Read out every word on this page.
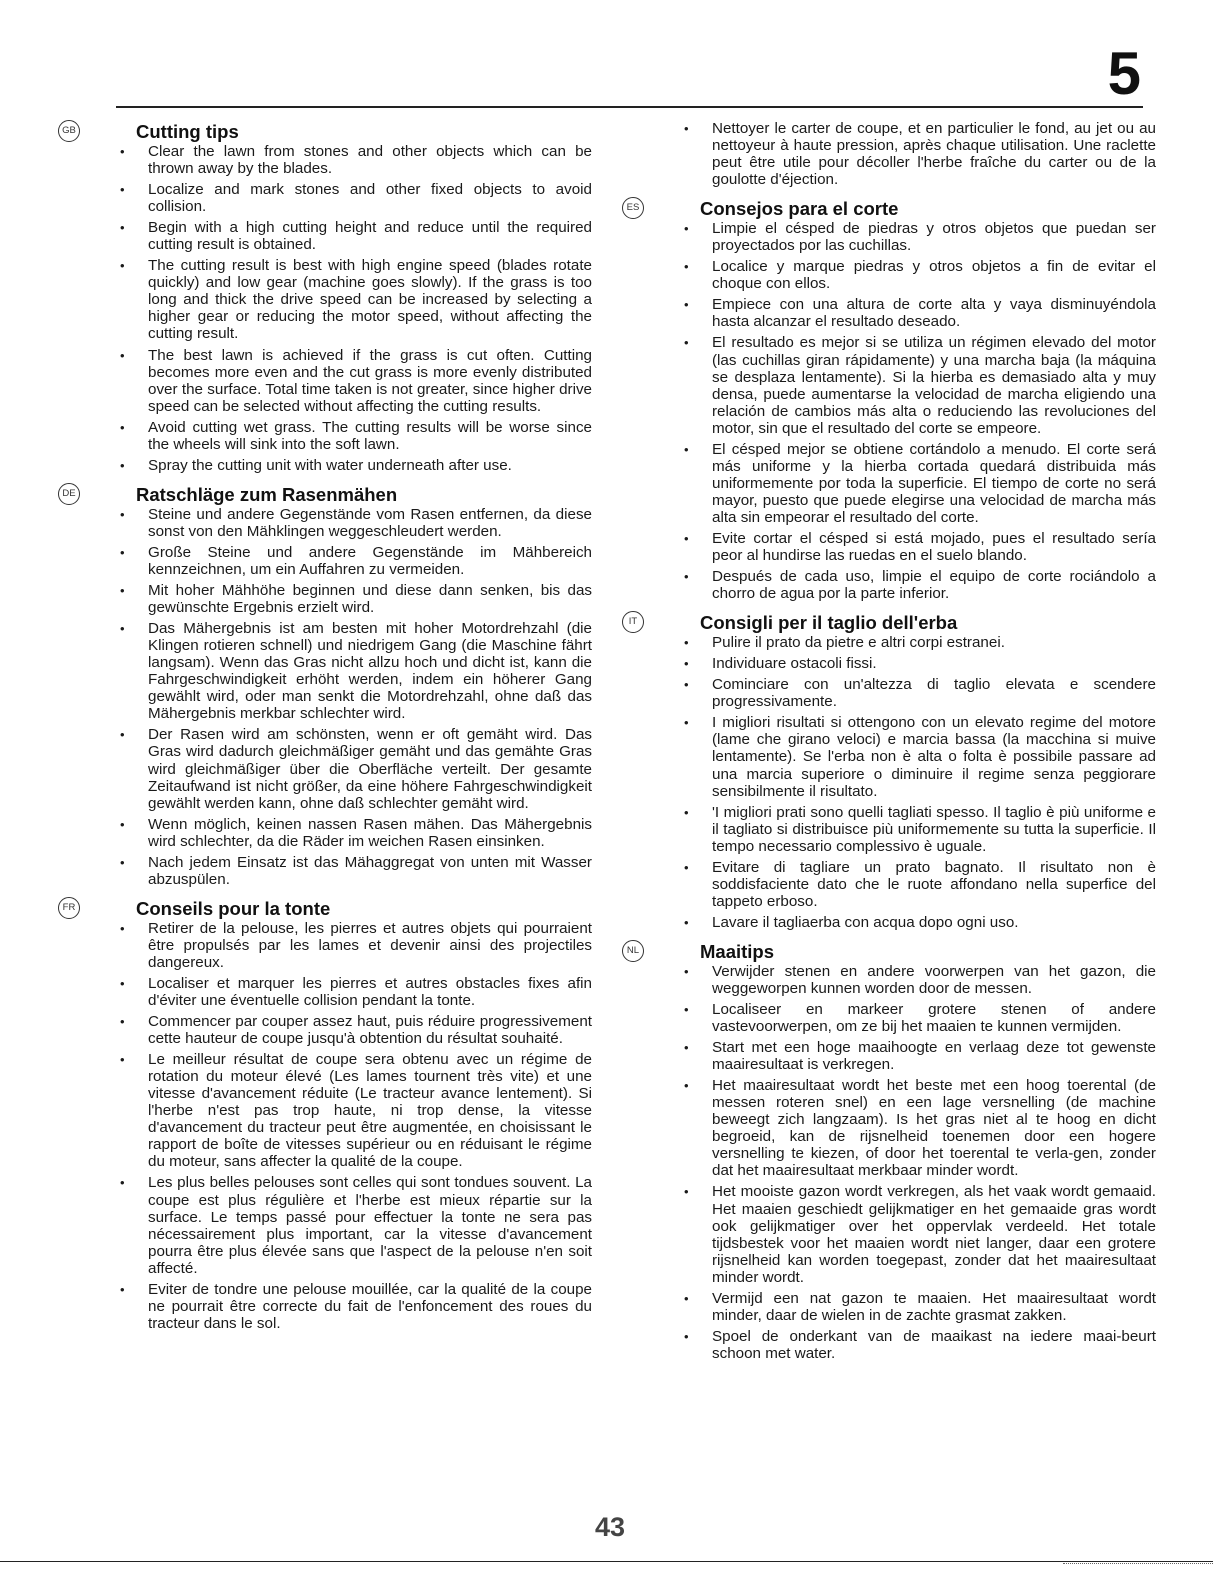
5
GB	Cutting tips
• Clear the lawn from stones and other objects which can be thrown away by the blades.
• Localize and mark stones and other fixed objects to avoid collision.
• Begin with a high cutting height and reduce until the required cutting result is obtained.
• The cutting result is best with high engine speed (blades rotate quickly) and low gear (machine goes slowly). If the grass is too long and thick the drive speed can be increased by selecting a higher gear or reducing the motor speed, without affecting the cutting result.
• The best lawn is achieved if the grass is cut often. Cutting becomes more even and the cut grass is more evenly distributed over the surface. Total time taken is not greater, since higher drive speed can be selected without affecting the cutting results.
• Avoid cutting wet grass. The cutting results will be worse since the wheels will sink into the soft lawn.
• Spray the cutting unit with water underneath after use.
DE	Ratschläge zum Rasenmähen
• Steine und andere Gegenstände vom Rasen entfernen, da diese sonst von den Mähklingen weggeschleudert werden.
• Große Steine und andere Gegenstände im Mähbereich kennzeichnen, um ein Auffahren zu vermeiden.
• Mit hoher Mähhöhe beginnen und diese dann senken, bis das gewünschte Ergebnis erzielt wird.
• Das Mähergebnis ist am besten mit hoher Motordrehzahl (die Klingen rotieren schnell) und niedrigem Gang (die Maschine fährt langsam). Wenn das Gras nicht allzu hoch und dicht ist, kann die Fahrgeschwindigkeit erhöht werden, indem ein höherer Gang gewählt wird, oder man senkt die Motordrehzahl, ohne daß das Mähergebnis merkbar schlechter wird.
• Der Rasen wird am schönsten, wenn er oft gemäht wird. Das Gras wird dadurch gleichmäßiger gemäht und das gemähte Gras wird gleichmäßiger über die Oberfläche verteilt. Der gesamte Zeitaufwand ist nicht größer, da eine höhere Fahrgeschwindigkeit gewählt werden kann, ohne daß schlechter gemäht wird.
• Wenn möglich, keinen nassen Rasen mähen. Das Mähergebnis wird schlechter, da die Räder im weichen Rasen einsinken.
• Nach jedem Einsatz ist das Mähaggregat von unten mit Wasser abzuspülen.
FR	Conseils pour la tonte
• Retirer de la pelouse, les pierres et autres objets qui pourraient être propulsés par les lames et devenir ainsi des projectiles dangereux.
• Localiser et marquer les pierres et autres obstacles fixes afin d'éviter une éventuelle collision pendant la tonte.
• Commencer par couper assez haut, puis réduire progressivement cette hauteur de coupe jusqu'à obtention du résultat souhaité.
• Le meilleur résultat de coupe sera obtenu avec un régime de rotation du moteur élevé (Les lames tournent très vite) et une vitesse d'avancement réduite (Le tracteur avance lentement). Si l'herbe n'est pas trop haute, ni trop dense, la vitesse d'avancement du tracteur peut être augmentée, en choisissant le rapport de boîte de vitesses supérieur ou en réduisant le régime du moteur, sans affecter la qualité de la coupe.
• Les plus belles pelouses sont celles qui sont tondues souvent. La coupe est plus régulière et l'herbe est mieux répartie sur la surface. Le temps passé pour effectuer la tonte ne sera pas nécessairement plus important, car la vitesse d'avancement pourra être plus élevée sans que l'aspect de la pelouse n'en soit affecté.
• Eviter de tondre une pelouse mouillée, car la qualité de la coupe ne pourrait être correcte du fait de l'enfoncement des roues du tracteur dans le sol.
• Nettoyer le carter de coupe, et en particulier le fond, au jet ou au nettoyeur à haute pression, après chaque utilisation. Une raclette peut être utile pour décoller l'herbe fraîche du carter ou de la goulotte d'éjection.
ES	Consejos para el corte
• Limpie el césped de piedras y otros objetos que puedan ser proyectados por las cuchillas.
• Localice y marque piedras y otros objetos a fin de evitar el choque con ellos.
• Empiece con una altura de corte alta y vaya disminuyéndola hasta alcanzar el resultado deseado.
• El resultado es mejor si se utiliza un régimen elevado del motor (las cuchillas giran rápidamente) y una marcha baja (la máquina se desplaza lentamente). Si la hierba es demasiado alta y muy densa, puede aumentarse la velocidad de marcha eligiendo una relación de cambios más alta o reduciendo las revoluciones del motor, sin que el resultado del corte se empeore.
• El césped mejor se obtiene cortándolo a menudo. El corte será más uniforme y la hierba cortada quedará distribuida más uniformemente por toda la superficie. El tiempo de corte no será mayor, puesto que puede elegirse una velocidad de marcha más alta sin empeorar el resultado del corte.
• Evite cortar el césped si está mojado, pues el resultado sería peor al hundirse las ruedas en el suelo blando.
• Después de cada uso, limpie el equipo de corte rociándolo a chorro de agua por la parte inferior.
IT	Consigli per il taglio dell'erba
• Pulire il prato da pietre e altri corpi estranei.
• Individuare ostacoli fissi.
• Cominciare con un'altezza di taglio elevata e scendere progressivamente.
• I migliori risultati si ottengono con un elevato regime del motore (lame che girano veloci) e marcia bassa (la macchina si muive lentamente). Se l'erba non è alta o folta è possibile passare ad una marcia superiore o diminuire il regime senza peggiorare sensibilmente il risultato.
• 'I migliori prati sono quelli tagliati spesso. Il taglio è più uniforme e il tagliato si distribuisce più uniformemente su tutta la superficie. Il tempo necessario complessivo è uguale.
• Evitare di tagliare un prato bagnato. Il risultato non è soddisfaciente dato che le ruote affondano nella superfice del tappeto erboso.
• Lavare il tagliaerba con acqua dopo ogni uso.
NL	Maaitips
• Verwijder stenen en andere voorwerpen van het gazon, die weggeworpen kunnen worden door de messen.
• Localiseer en markeer grotere stenen of andere vastevoorwerpen, om ze bij het maaien te kunnen vermijden.
• Start met een hoge maaihoogte en verlaag deze tot gewenste maairesultaat is verkregen.
• Het maairesultaat wordt het beste met een hoog toerental (de messen roteren snel) en een lage versnelling (de machine beweegt zich langzaam). Is het gras niet al te hoog en dicht begroeid, kan de rijsnelheid toenemen door een hogere versnelling te kiezen, of door het toerental te verla-gen, zonder dat het maairesultaat merkbaar minder wordt.
• Het mooiste gazon wordt verkregen, als het vaak wordt gemaaid. Het maaien geschiedt gelijkmatiger en het gemaaide gras wordt ook gelijkmatiger over het oppervlak verdeeld. Het totale tijdsbestek voor het maaien wordt niet langer, daar een grotere rijsnelheid kan worden toegepast, zonder dat het maairesultaat minder wordt.
• Vermijd een nat gazon te maaien. Het maairesultaat wordt minder, daar de wielen in de zachte grasmat zakken.
• Spoel de onderkant van de maaikast na iedere maai-beurt schoon met water.
43
